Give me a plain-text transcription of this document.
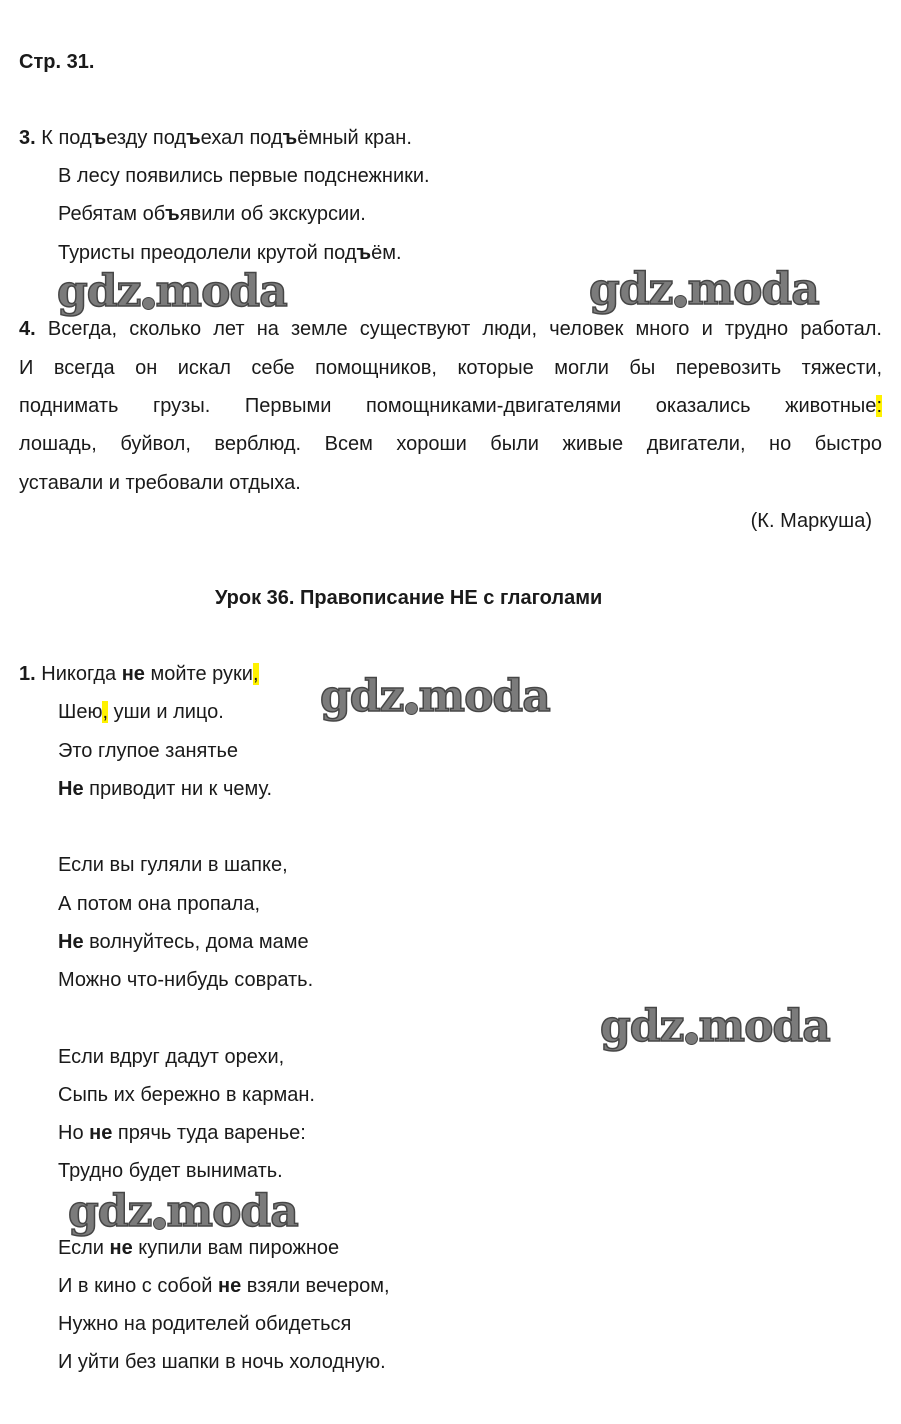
Стр. 31.
3. К подъезду подъехал подъёмный кран.
В лесу появились первые подснежники.
Ребятам объявили об экскурсии.
Туристы преодолели крутой подъём.
4. Всегда, сколько лет на земле существуют люди, человек много и трудно работал.
И всегда он искал себе помощников, которые могли бы перевозить тяжести,
поднимать грузы. Первыми помощниками-двигателями оказались животные:
лошадь, буйвол, верблюд. Всем хороши были живые двигатели, но быстро
уставали и требовали отдыха.
(К. Маркуша)
Урок 36. Правописание НЕ с глаголами
1. Никогда не мойте руки,
Шею, уши и лицо.
Это глупое занятье
Не приводит ни к чему.
Если вы гуляли в шапке,
А потом она пропала,
Не волнуйтесь, дома маме
Можно что-нибудь соврать.
Если вдруг дадут орехи,
Сыпь их бережно в карман.
Но не прячь туда варенье:
Трудно будет вынимать.
Если не купили вам пирожное
И в кино с собой не взяли вечером,
Нужно на родителей обидеться
И уйти без шапки в ночь холодную.
gdz moda	gdz moda
gdz moda
gdz moda
gdz moda
